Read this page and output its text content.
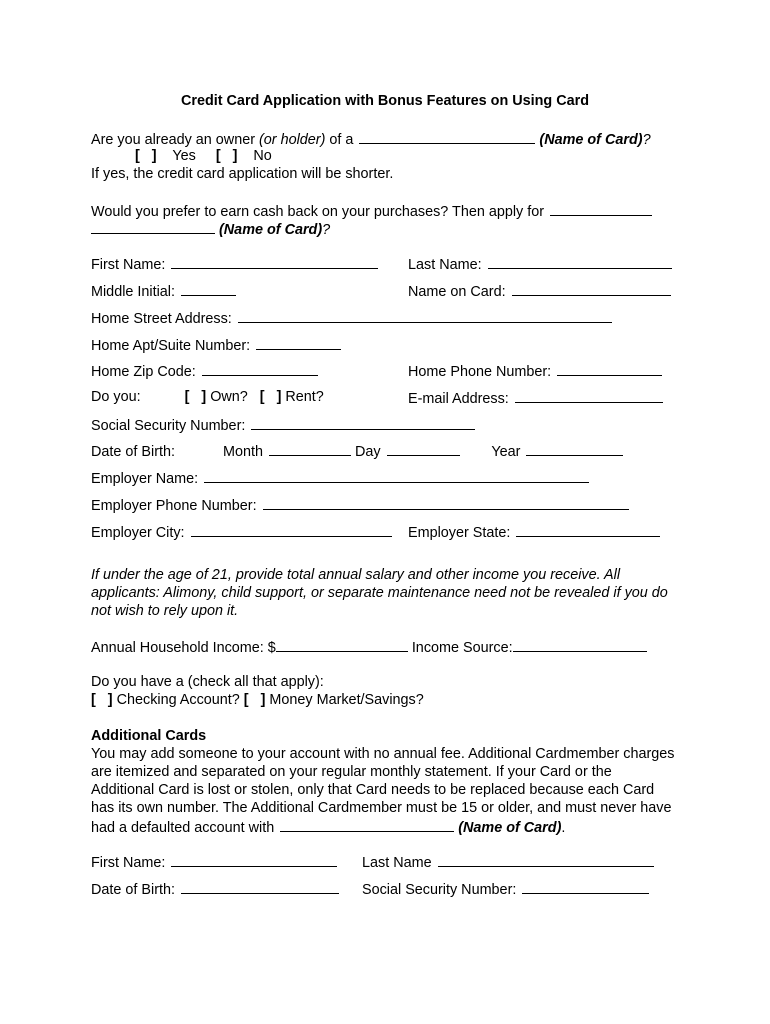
Credit Card Application with Bonus Features on Using Card
Are you already an owner (or holder) of a	(Name of Card)?
[ ] Yes [ ] No
If yes, the credit card application will be shorter.
Would you prefer to earn cash back on your purchases? Then apply for
(Name of Card)?
First Name:	Last Name:
Middle Initial:	Name on Card:
Home Street Address:
Home Apt/Suite Number:
Home Zip Code:	Home Phone Number:
Do you:	[ ] Own? [ ] Rent?	E-mail Address:
Social Security Number:
Date of Birth:	Month	Day	Year
Employer Name:
Employer Phone Number:
Employer City:	Employer State:
If under the age of 21, provide total annual salary and other income you receive. All applicants: Alimony, child support, or separate maintenance need not be revealed if you do not wish to rely upon it.
Annual Household Income: $	Income Source:
Do you have a (check all that apply):
[ ] Checking Account? [ ] Money Market/Savings?
Additional Cards
You may add someone to your account with no annual fee. Additional Cardmember charges are itemized and separated on your regular monthly statement. If your Card or the Additional Card is lost or stolen, only that Card needs to be replaced because each Card has its own number. The Additional Cardmember must be 15 or older, and must never have had a defaulted account with	(Name of Card).
First Name:	Last Name
Date of Birth:	Social Security Number:
